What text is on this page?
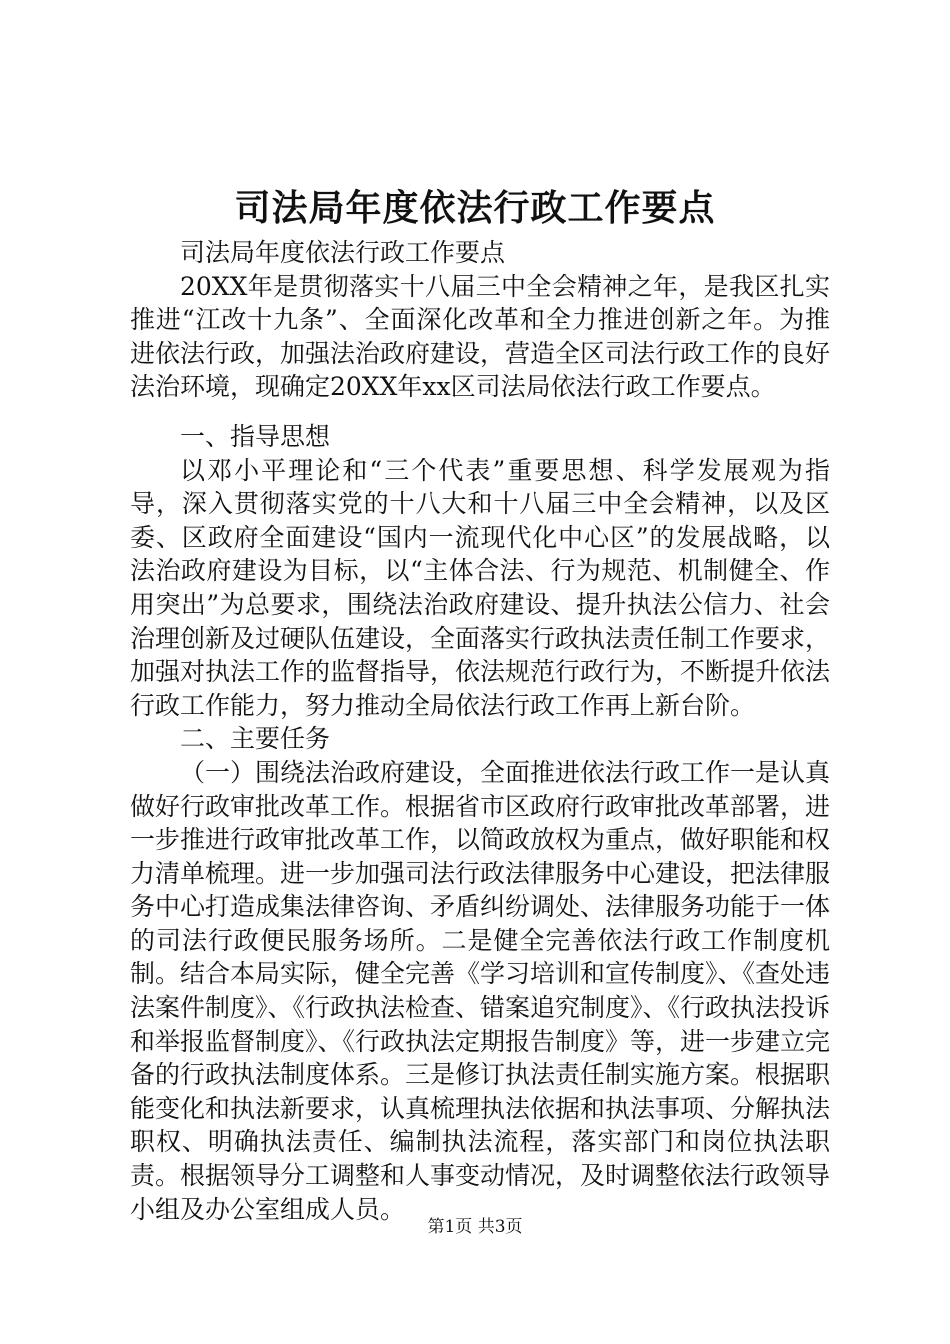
司法局年度依法行政工作要点

司法局年度依法行政工作要点

20XX年是贯彻落实十八届三中全会精神之年，是我区扎实推进“江改十九条”、全面深化改革和全力推进创新之年。为推进依法行政，加强法治政府建设，营造全区司法行政工作的良好法治环境，现确定20XX年xx区司法局依法行政工作要点。

一、指导思想

以邓小平理论和“三个代表”重要思想、科学发展观为指导，深入贯彻落实党的十八大和十八届三中全会精神，以及区委、区政府全面建设“国内一流现代化中心区”的发展战略，以法治政府建设为目标，以“主体合法、行为规范、机制健全、作用突出”为总要求，围绕法治政府建设、提升执法公信力、社会治理创新及过硬队伍建设，全面落实行政执法责任制工作要求，加强对执法工作的监督指导，依法规范行政行为，不断提升依法行政工作能力，努力推动全局依法行政工作再上新台阶。

二、主要任务

（一）围绕法治政府建设，全面推进依法行政工作一是认真做好行政审批改革工作。根据省市区政府行政审批改革部署，进一步推进行政审批改革工作，以简政放权为重点，做好职能和权力清单梳理。进一步加强司法行政法律服务中心建设，把法律服务中心打造成集法律咨询、矛盾纠纷调处、法律服务功能于一体的司法行政便民服务场所。二是健全完善依法行政工作制度机制。结合本局实际，健全完善《学习培训和宣传制度》、《查处违法案件制度》、《行政执法检查、错案追究制度》、《行政执法投诉和举报监督制度》、《行政执法定期报告制度》等，进一步建立完备的行政执法制度体系。三是修订执法责任制实施方案。根据职能变化和执法新要求，认真梳理执法依据和执法事项、分解执法职权、明确执法责任、编制执法流程，落实部门和岗位执法职责。根据领导分工调整和人事变动情况，及时调整依法行政领导小组及办公室组成人员。

第1页 共3页
